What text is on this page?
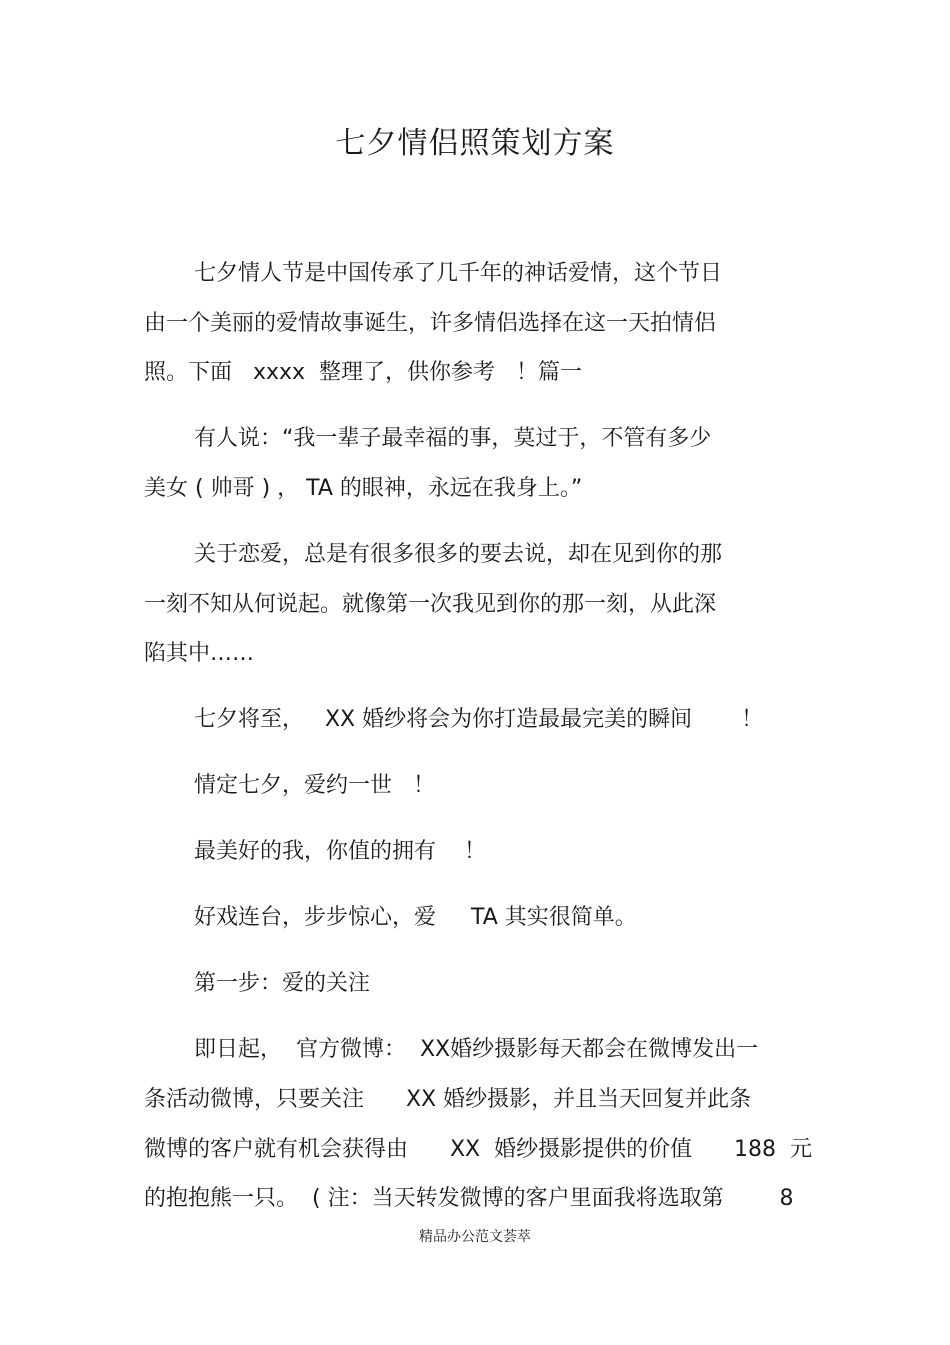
七夕情侣照策划方案
七夕情人节是中国传承了几千年的神话爱情，这个节日
由一个美丽的爱情故事诞生，许多情侣选择在这一天拍情侣
照。下面   xxxx  整理了，供你参考   ！篇一
有人说：“我一辈子最幸福的事，莫过于，不管有多少
美女 ( 帅哥 ) ， TA 的眼神，永远在我身上。”
关于恋爱，总是有很多很多的要去说，却在见到你的那
一刻不知从何说起。就像第一次我见到你的那一刻，从此深
陷其中……
七夕将至，   XX 婚纱将会为你打造最最完美的瞬间       ！
情定七夕，爱约一世   ！
最美好的我，你值的拥有    ！
好戏连台，步步惊心，爱     TA 其实很简单。
第一步：爱的关注
即日起，  官方微博：  XX婚纱摄影每天都会在微博发出一
条活动微博，只要关注      XX 婚纱摄影，并且当天回复并此条
微博的客户就有机会获得由      XX  婚纱摄影提供的价值      188  元
的抱抱熊一只。  ( 注：当天转发微博的客户里面我将选取第        8
精品办公范文荟萃
